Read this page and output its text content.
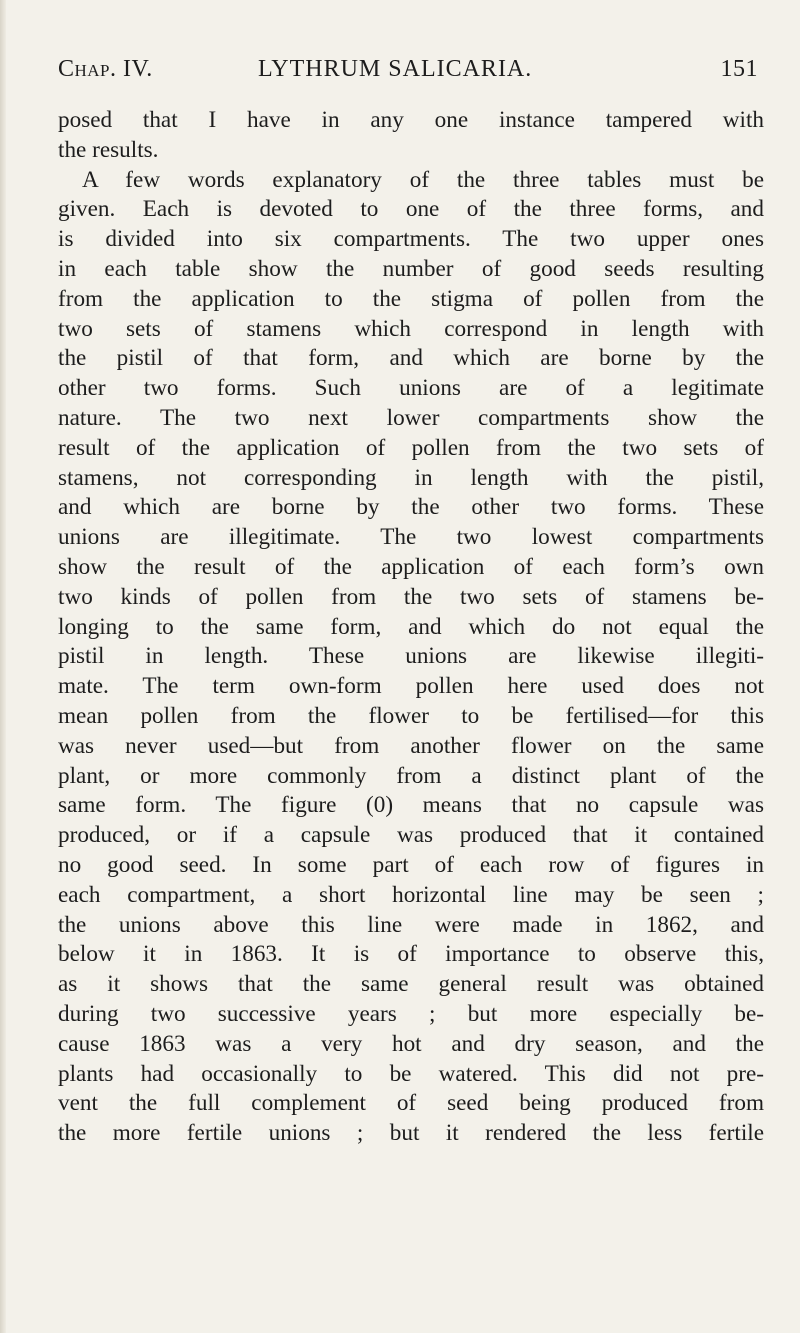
Chap. IV.	LYTHRUM SALICARIA.	151
posed that I have in any one instance tampered with
the results.
A few words explanatory of the three tables must be
given. Each is devoted to one of the three forms, and
is divided into six compartments. The two upper ones
in each table show the number of good seeds resulting
from the application to the stigma of pollen from the
two sets of stamens which correspond in length with
the pistil of that form, and which are borne by the
other two forms. Such unions are of a legitimate
nature. The two next lower compartments show the
result of the application of pollen from the two sets of
stamens, not corresponding in length with the pistil,
and which are borne by the other two forms. These
unions are illegitimate. The two lowest compartments
show the result of the application of each form’s own
two kinds of pollen from the two sets of stamens be-
longing to the same form, and which do not equal the
pistil in length. These unions are likewise illegiti-
mate. The term own-form pollen here used does not
mean pollen from the flower to be fertilised—for this
was never used—but from another flower on the same
plant, or more commonly from a distinct plant of the
same form. The figure (0) means that no capsule was
produced, or if a capsule was produced that it contained
no good seed. In some part of each row of figures in
each compartment, a short horizontal line may be seen ;
the unions above this line were made in 1862, and
below it in 1863. It is of importance to observe this,
as it shows that the same general result was obtained
during two successive years ; but more especially be-
cause 1863 was a very hot and dry season, and the
plants had occasionally to be watered. This did not pre-
vent the full complement of seed being produced from
the more fertile unions ; but it rendered the less fertile
